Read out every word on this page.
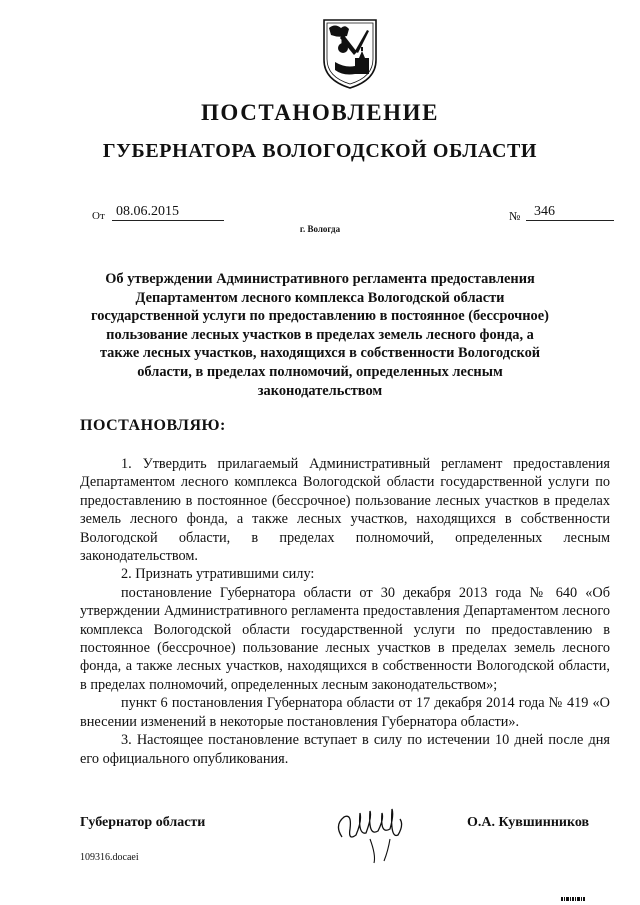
ПОСТАНОВЛЕНИЕ
ГУБЕРНАТОРА ВОЛОГОДСКОЙ ОБЛАСТИ
От 08.06.2015	№ 346
г. Вологда
Об утверждении Административного регламента предоставления Департаментом лесного комплекса Вологодской области государственной услуги по предоставлению в постоянное (бессрочное) пользование лесных участков в пределах земель лесного фонда, а также лесных участков, находящихся в собственности Вологодской области, в пределах полномочий, определенных лесным законодательством
ПОСТАНОВЛЯЮ:

1. Утвердить прилагаемый Административный регламент предоставления Департаментом лесного комплекса Вологодской области государственной услуги по предоставлению в постоянное (бессрочное) пользование лесных участков в пределах земель лесного фонда, а также лесных участков, находящихся в собственности Вологодской области, в пределах полномочий, определенных лесным законодательством.

2. Признать утратившими силу:

постановление Губернатора области от 30 декабря 2013 года № 640 «Об утверждении Административного регламента предоставления Департаментом лесного комплекса Вологодской области государственной услуги по предоставлению в постоянное (бессрочное) пользование лесных участков в пределах земель лесного фонда, а также лесных участков, находящихся в собственности Вологодской области, в пределах полномочий, определенных лесным законодательством»;

пункт 6 постановления Губернатора области от 17 декабря 2014 года № 419 «О внесении изменений в некоторые постановления Губернатора области».

3. Настоящее постановление вступает в силу по истечении 10 дней после дня его официального опубликования.

Губернатор области	О.А. Кувшинников
109316.docaei
